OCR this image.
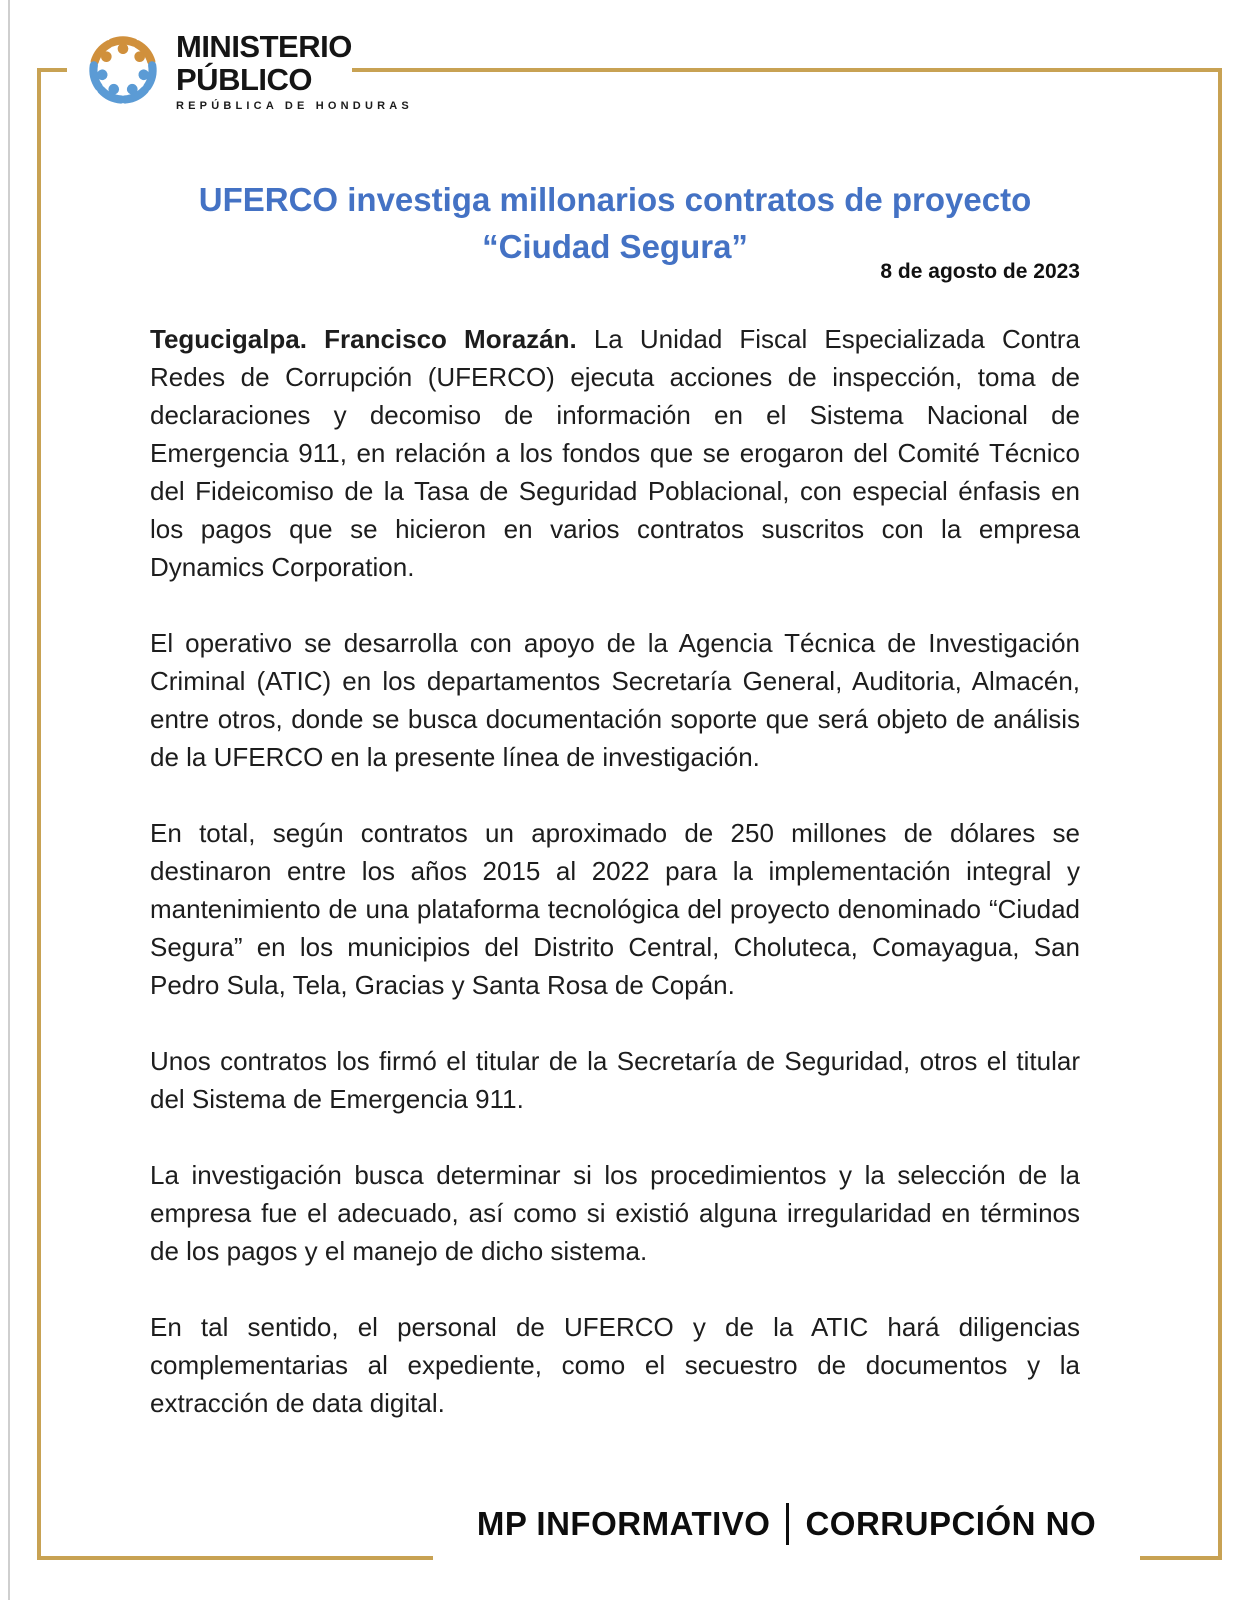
MINISTERIO
PÚBLICO
REPÚBLICA DE HONDURAS
UFERCO investiga millonarios contratos de proyecto
“Ciudad Segura”
8 de agosto de 2023

Tegucigalpa. Francisco Morazán. La Unidad Fiscal Especializada Contra Redes de Corrupción (UFERCO) ejecuta acciones de inspección, toma de declaraciones y decomiso de información en el Sistema Nacional de Emergencia 911, en relación a los fondos que se erogaron del Comité Técnico del Fideicomiso de la Tasa de Seguridad Poblacional, con especial énfasis en los pagos que se hicieron en varios contratos suscritos con la empresa Dynamics Corporation.

El operativo se desarrolla con apoyo de la Agencia Técnica de Investigación Criminal (ATIC) en los departamentos Secretaría General, Auditoria, Almacén, entre otros, donde se busca documentación soporte que será objeto de análisis de la UFERCO en la presente línea de investigación.

En total, según contratos un aproximado de 250 millones de dólares se destinaron entre los años 2015 al 2022 para la implementación integral y mantenimiento de una plataforma tecnológica del proyecto denominado “Ciudad Segura” en los municipios del Distrito Central, Choluteca, Comayagua, San Pedro Sula, Tela, Gracias y Santa Rosa de Copán.

Unos contratos los firmó el titular de la Secretaría de Seguridad, otros el titular del Sistema de Emergencia 911.

La investigación busca determinar si los procedimientos y la selección de la empresa fue el adecuado, así como si existió alguna irregularidad en términos de los pagos y el manejo de dicho sistema.

En tal sentido, el personal de UFERCO y de la ATIC hará diligencias complementarias al expediente, como el secuestro de documentos y la extracción de data digital.

MP INFORMATIVO CORRUPCIÓN NO
